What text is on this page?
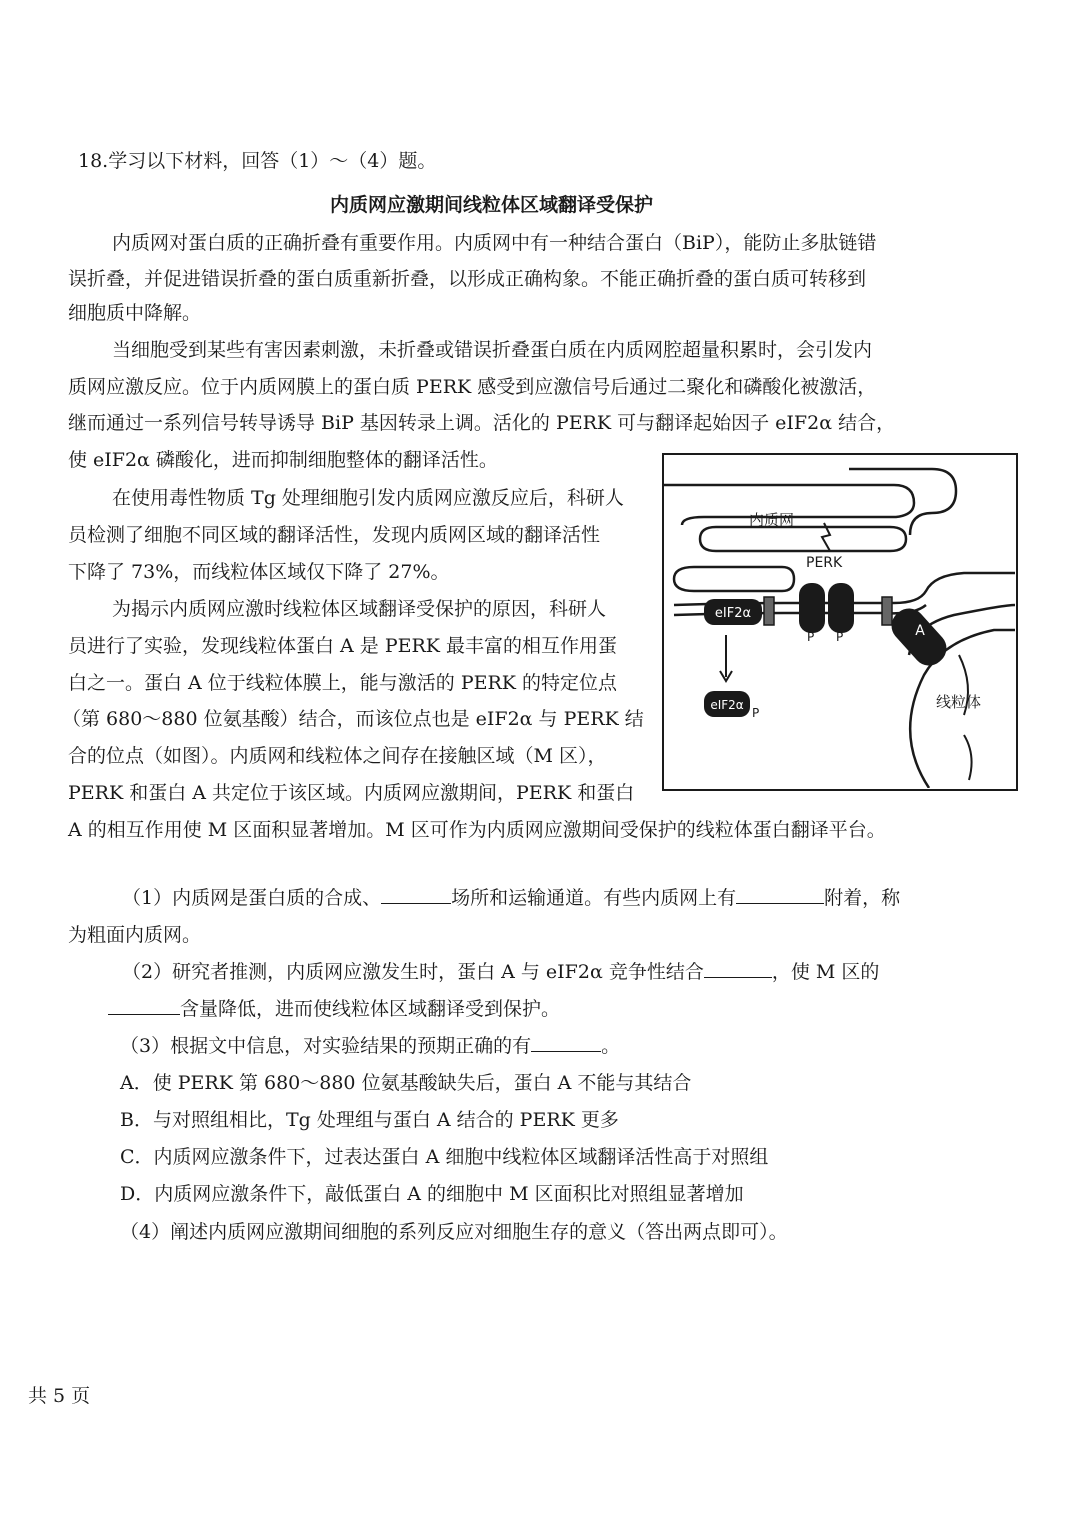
18.学习以下材料，回答（1）～（4）题。
内质网应激期间线粒体区域翻译受保护
内质网对蛋白质的正确折叠有重要作用。内质网中有一种结合蛋白（BiP），能防止多肽链错
误折叠，并促进错误折叠的蛋白质重新折叠，以形成正确构象。不能正确折叠的蛋白质可转移到
细胞质中降解。
当细胞受到某些有害因素刺激，未折叠或错误折叠蛋白质在内质网腔超量积累时，会引发内
质网应激反应。位于内质网膜上的蛋白质 PERK 感受到应激信号后通过二聚化和磷酸化被激活，
继而通过一系列信号转导诱导 BiP 基因转录上调。活化的 PERK 可与翻译起始因子 eIF2α 结合，
使 eIF2α 磷酸化，进而抑制细胞整体的翻译活性。
在使用毒性物质 Tg 处理细胞引发内质网应激反应后，科研人
员检测了细胞不同区域的翻译活性，发现内质网区域的翻译活性
下降了 73%，而线粒体区域仅下降了 27%。
为揭示内质网应激时线粒体区域翻译受保护的原因，科研人
员进行了实验，发现线粒体蛋白 A 是 PERK 最丰富的相互作用蛋
白之一。蛋白 A 位于线粒体膜上，能与激活的 PERK 的特定位点
（第 680～880 位氨基酸）结合，而该位点也是 eIF2α 与 PERK 结
合的位点（如图）。内质网和线粒体之间存在接触区域（M 区），
PERK 和蛋白 A 共定位于该区域。内质网应激期间，PERK 和蛋白
A 的相互作用使 M 区面积显著增加。M 区可作为内质网应激期间受保护的线粒体蛋白翻译平台。
eIF2α
eIF2α
P
P P	A
内质网
PERK
线粒体
（1）内质网是蛋白质的合成、	场所和运输通道。有些内质网上有	附着，称
为粗面内质网。
（2）研究者推测，内质网应激发生时，蛋白 A 与 eIF2α 竞争性结合	，使 M 区的
含量降低，进而使线粒体区域翻译受到保护。
（3）根据文中信息，对实验结果的预期正确的有	。
A．使 PERK 第 680～880 位氨基酸缺失后，蛋白 A 不能与其结合
B．与对照组相比，Tg 处理组与蛋白 A 结合的 PERK 更多
C．内质网应激条件下，过表达蛋白 A 细胞中线粒体区域翻译活性高于对照组
D．内质网应激条件下，敲低蛋白 A 的细胞中 M 区面积比对照组显著增加
（4）阐述内质网应激期间细胞的系列反应对细胞生存的意义（答出两点即可）。
共 5 页
